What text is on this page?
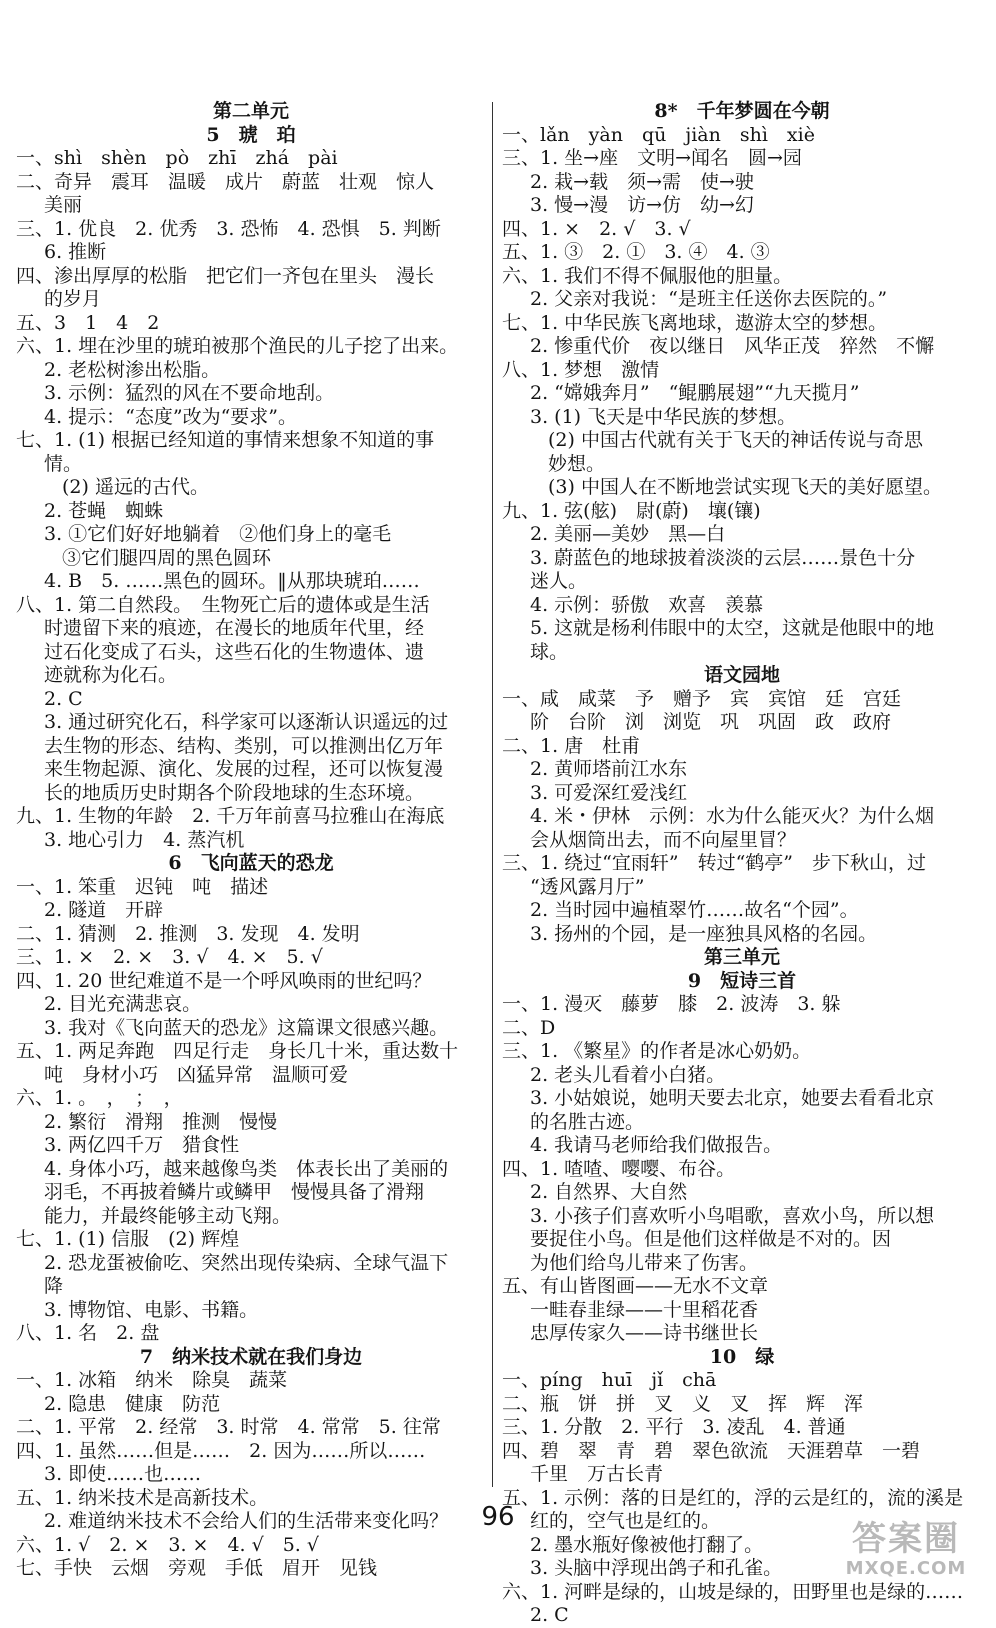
第二单元
5　琥　珀
一、shì　shèn　pò　zhī　zhá　pài
二、奇异　震耳　温暖　成片　蔚蓝　壮观　惊人
美丽
三、1. 优良　2. 优秀　3. 恐怖　4. 恐惧　5. 判断
6. 推断
四、渗出厚厚的松脂　把它们一齐包在里头　漫长
的岁月
五、3　1　4　2
六、1. 埋在沙里的琥珀被那个渔民的儿子挖了出来。
2. 老松树渗出松脂。
3. 示例：猛烈的风在不要命地刮。
4. 提示：“态度”改为“要求”。
七、1. (1) 根据已经知道的事情来想象不知道的事
情。
(2) 遥远的古代。
2. 苍蝇　蜘蛛
3. ①它们好好地躺着　②他们身上的毫毛
③它们腿四周的黑色圆环
4. B　5. ……黑色的圆环。‖从那块琥珀……
八、1. 第二自然段。　生物死亡后的遗体或是生活
时遗留下来的痕迹，在漫长的地质年代里，经
过石化变成了石头，这些石化的生物遗体、遗
迹就称为化石。
2. C
3. 通过研究化石，科学家可以逐渐认识遥远的过
去生物的形态、结构、类别，可以推测出亿万年
来生物起源、演化、发展的过程，还可以恢复漫
长的地质历史时期各个阶段地球的生态环境。
九、1. 生物的年龄　2. 千万年前喜马拉雅山在海底
3. 地心引力　4. 蒸汽机
6　飞向蓝天的恐龙
一、1. 笨重　迟钝　吨　描述
2. 隧道　开辟
二、1. 猜测　2. 推测　3. 发现　4. 发明
三、1. ×　2. ×　3. √　4. ×　5. √
四、1. 20 世纪难道不是一个呼风唤雨的世纪吗？
2. 目光充满悲哀。
3. 我对《飞向蓝天的恐龙》这篇课文很感兴趣。
五、1. 两足奔跑　四足行走　身长几十米，重达数十
吨　身材小巧　凶猛异常　温顺可爱
六、1. 。　，　；　，
2. 繁衍　滑翔　推测　慢慢
3. 两亿四千万　猎食性
4. 身体小巧，越来越像鸟类　体表长出了美丽的
羽毛，不再披着鳞片或鳞甲　慢慢具备了滑翔
能力，并最终能够主动飞翔。
七、1. (1) 信服　(2) 辉煌
2. 恐龙蛋被偷吃、突然出现传染病、全球气温下
降
3. 博物馆、电影、书籍。
八、1. 名　2. 盘
7　纳米技术就在我们身边
一、1. 冰箱　纳米　除臭　蔬菜
2. 隐患　健康　防范
二、1. 平常　2. 经常　3. 时常　4. 常常　5. 往常
四、1. 虽然……但是……　2. 因为……所以……
3. 即使……也……
五、1. 纳米技术是高新技术。
2. 难道纳米技术不会给人们的生活带来变化吗？
六、1. √　2. ×　3. ×　4. √　5. √
七、手快　云烟　旁观　手低　眉开　见钱
8*　千年梦圆在今朝
一、lǎn　yàn　qū　jiàn　shì　xiè
三、1. 坐→座　文明→闻名　圆→园
2. 栽→载　须→需　使→驶
3. 慢→漫　访→仿　幼→幻
四、1. ×　2. √　3. √
五、1. ③　2. ①　3. ④　4. ③
六、1. 我们不得不佩服他的胆量。
2. 父亲对我说：“是班主任送你去医院的。”
七、1. 中华民族飞离地球，遨游太空的梦想。
2. 惨重代价　夜以继日　风华正茂　猝然　不懈
八、1. 梦想　激情
2. “嫦娥奔月”　“鲲鹏展翅”“九天揽月”
3. (1) 飞天是中华民族的梦想。
(2) 中国古代就有关于飞天的神话传说与奇思
妙想。
(3) 中国人在不断地尝试实现飞天的美好愿望。
九、1. 弦(舷)　尉(蔚)　壤(镶)
2. 美丽—美妙　黑—白
3. 蔚蓝色的地球披着淡淡的云层……景色十分
迷人。
4. 示例：骄傲　欢喜　羡慕
5. 这就是杨利伟眼中的太空，这就是他眼中的地
球。
语文园地
一、咸　咸菜　予　赠予　宾　宾馆　廷　宫廷
阶　台阶　浏　浏览　巩　巩固　政　政府
二、1. 唐　杜甫
2. 黄师塔前江水东
3. 可爱深红爱浅红
4. 米・伊林　示例：水为什么能灭火？为什么烟
会从烟筒出去，而不向屋里冒？
三、1. 绕过“宜雨轩”　转过“鹤亭”　步下秋山，过
“透风露月厅”
2. 当时园中遍植翠竹……故名“个园”。
3. 扬州的个园，是一座独具风格的名园。
第三单元
9　短诗三首
一、1. 漫灭　藤萝　膝　2. 波涛　3. 躲
二、D
三、1. 《繁星》的作者是冰心奶奶。
2. 老头儿看着小白猪。
3. 小姑娘说，她明天要去北京，她要去看看北京
的名胜古迹。
4. 我请马老师给我们做报告。
四、1. 喳喳、嘤嘤、布谷。
2. 自然界、大自然
3. 小孩子们喜欢听小鸟唱歌，喜欢小鸟，所以想
要捉住小鸟。但是他们这样做是不对的。因
为他们给鸟儿带来了伤害。
五、有山皆图画——无水不文章
一畦春韭绿——十里稻花香
忠厚传家久——诗书继世长
10　绿
一、píng　huī　jǐ　chā
二、瓶　饼　拼　叉　义　叉　挥　辉　浑
三、1. 分散　2. 平行　3. 凌乱　4. 普通
四、碧　翠　青　碧　翠色欲流　天涯碧草　一碧
千里　万古长青
五、1. 示例：落的日是红的，浮的云是红的，流的溪是
红的，空气也是红的。
2. 墨水瓶好像被他打翻了。
3. 头脑中浮现出鸽子和孔雀。
六、1. 河畔是绿的，山坡是绿的，田野里也是绿的……
2. C
96
答案圈
MXQE.COM
